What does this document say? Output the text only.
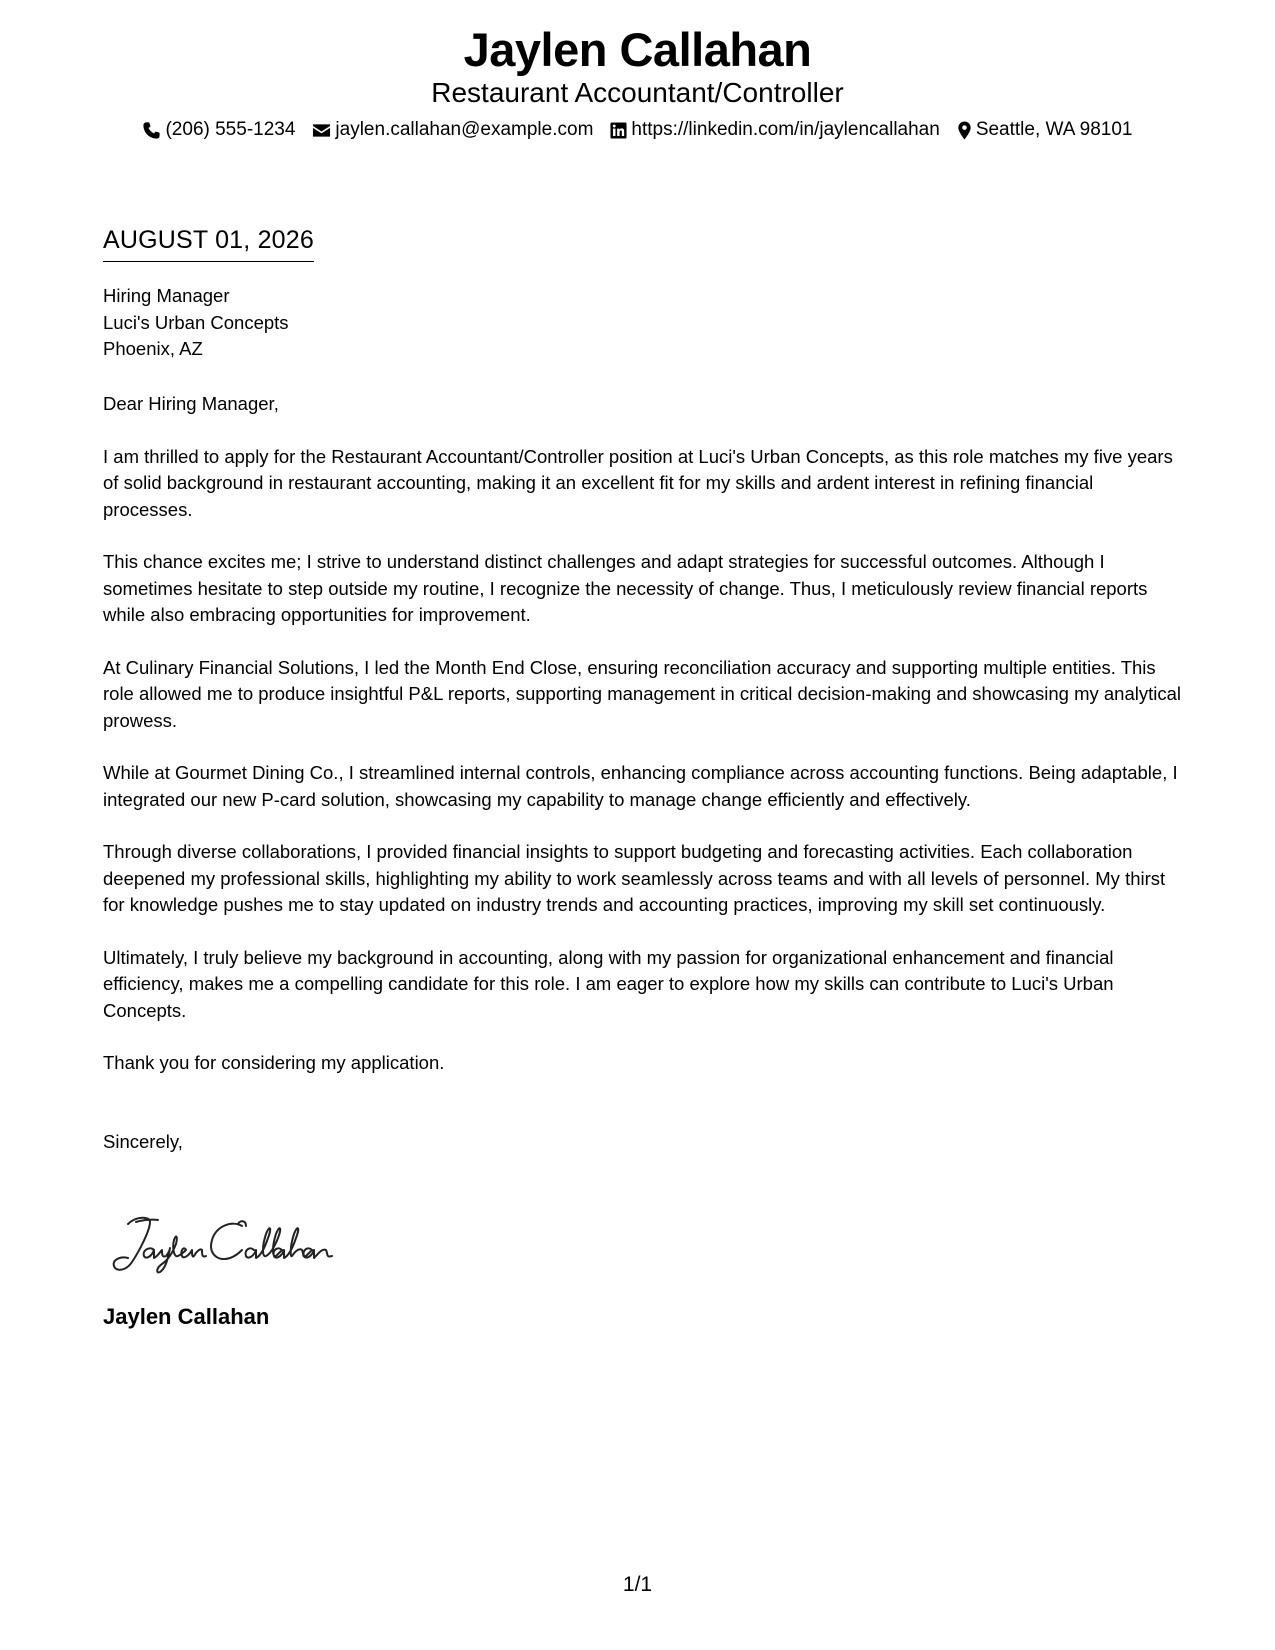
Jaylen Callahan
Restaurant Accountant/Controller
(206) 555-1234 jaylen.callahan@example.com https://linkedin.com/in/jaylencallahan Seattle, WA 98101
AUGUST 01, 2026
Hiring Manager
Luci's Urban Concepts
Phoenix, AZ

Dear Hiring Manager,

I am thrilled to apply for the Restaurant Accountant/Controller position at Luci's Urban Concepts, as this role matches my five years of solid background in restaurant accounting, making it an excellent fit for my skills and ardent interest in refining financial processes.

This chance excites me; I strive to understand distinct challenges and adapt strategies for successful outcomes. Although I sometimes hesitate to step outside my routine, I recognize the necessity of change. Thus, I meticulously review financial reports while also embracing opportunities for improvement.

At Culinary Financial Solutions, I led the Month End Close, ensuring reconciliation accuracy and supporting multiple entities. This role allowed me to produce insightful P&L reports, supporting management in critical decision-making and showcasing my analytical prowess.

While at Gourmet Dining Co., I streamlined internal controls, enhancing compliance across accounting functions. Being adaptable, I integrated our new P-card solution, showcasing my capability to manage change efficiently and effectively.

Through diverse collaborations, I provided financial insights to support budgeting and forecasting activities. Each collaboration deepened my professional skills, highlighting my ability to work seamlessly across teams and with all levels of personnel. My thirst for knowledge pushes me to stay updated on industry trends and accounting practices, improving my skill set continuously.

Ultimately, I truly believe my background in accounting, along with my passion for organizational enhancement and financial efficiency, makes me a compelling candidate for this role. I am eager to explore how my skills can contribute to Luci's Urban Concepts.

Thank you for considering my application.

Sincerely,

Jaylen Callahan
1/1
